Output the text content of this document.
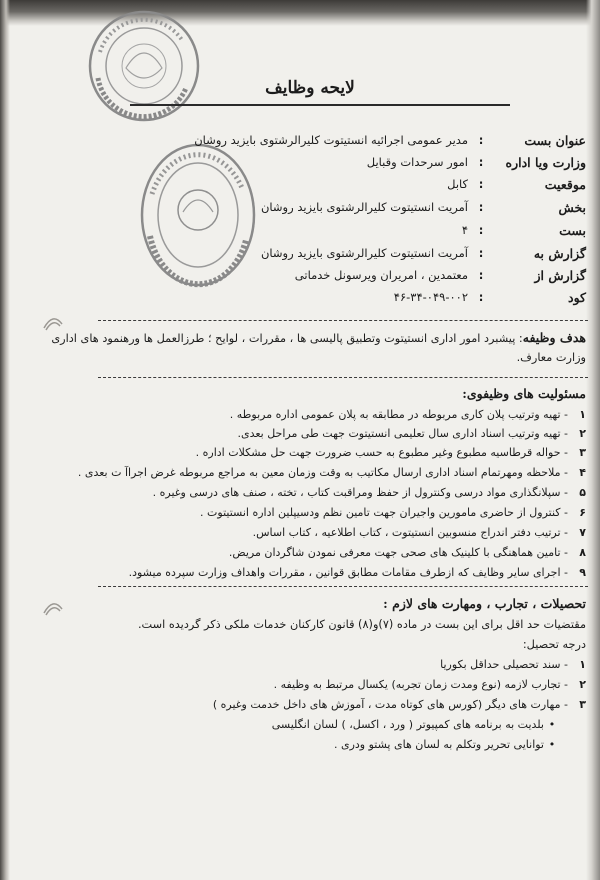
لایحه وظایف
عنوان بست
:
مدیر عمومی اجرائیه انستیتوت کلیرالرشتوی بایزید روشان
وزارت ویا اداره
:
امور سرحدات وقبایل
موقعیت
:
کابل
بخش
:
آمریت انستیتوت کلیرالرشتوی بایزید روشان
بست
:
۴
گزارش به
:
آمریت انستیتوت کلیرالرشتوی بایزید روشان
گزارش از
:
معتمدین ، امریران ویرسونل خدماتی
کود
:
۴۶-۳۴-۰۴۹-۰۰۲
هدف وظیفه: پیشبرد امور اداری انستیتوت وتطبیق پالیسی ها ، مقررات ، لوایح ؛ طرزالعمل ها ورهنمود های اداری وزارت معارف.
مسئولیت های وظیفوی:
۱- تهیه وترتیب پلان کاری مربوطه در مطابقه به پلان عمومی اداره مربوطه .
۲- تهیه وترتیب اسناد اداری سال تعلیمی انستیتوت جهت طی مراحل بعدی.
۳- حواله قرطاسیه مطبوع وغیر مطبوع به حسب ضرورت جهت حل مشکلات اداره .
۴- ملاحظه ومهرتمام اسناد اداری ارسال مکاتیب به وقت وزمان معین به مراجع مربوطه غرض اجراآ ت بعدی .
۵- سپلانگذاری مواد درسی وکنترول از حفظ ومراقبت کتاب ، تخته ، صنف های درسی وغیره .
۶- کنترول از حاضری مامورین واجیران جهت تامین نظم ودسیپلین اداره انستیتوت .
۷- ترتیب دفتر اندراج منسوبین انستیتوت ، کتاب اطلاعیه ، کتاب اساس.
۸- تامین هماهنگی با کلینیک های صحی جهت معرفی نمودن شاگردان مریض.
۹- اجرای سایر وظایف که ازطرف مقامات مطابق قوانین ، مقررات واهداف وزارت سپرده میشود.
تحصیلات ، تجارب ، ومهارت های لازم :
مقتضیات حد اقل برای این بست در ماده (۷)و(۸) قانون کارکنان خدمات ملکی ذکر گردیده است.
درجه تحصیل:
۱- سند تحصیلی حداقل بکوریا
۲- تجارب لازمه (نوع ومدت زمان تجربه) یکسال مرتبط به وظیفه .
۳- مهارت های دیگر (کورس های کوتاه مدت ، آموزش های داخل خدمت وغیره )
•بلدیت به برنامه های کمپیوتر ( ورد ، اکسل، ) لسان انگلیسی
•توانایی تحریر وتکلم به لسان های پشتو ودری .
